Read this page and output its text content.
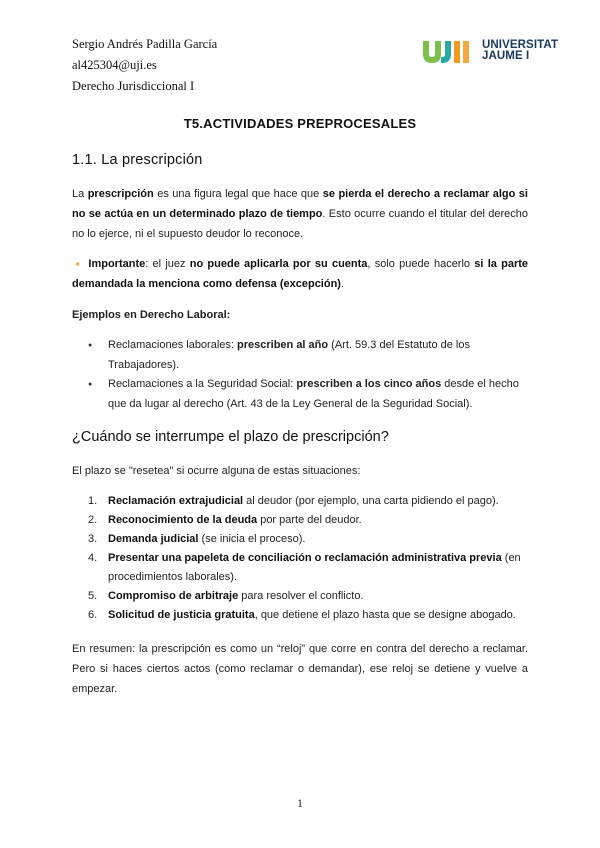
Sergio Andrés Padilla García
al425304@uji.es
Derecho Jurisdiccional I
UNIVERSITAT
JAUME I
T5.ACTIVIDADES PREPROCESALES
1.1. La prescripción
La prescripción es una figura legal que hace que se pierda el derecho a reclamar algo si no se actúa en un determinado plazo de tiempo. Esto ocurre cuando el titular del derecho no lo ejerce, ni el supuesto deudor lo reconoce.
🔸 Importante: el juez no puede aplicarla por su cuenta, solo puede hacerlo si la parte demandada la menciona como defensa (excepción).
Ejemplos en Derecho Laboral:
● Reclamaciones laborales: prescriben al año (Art. 59.3 del Estatuto de los Trabajadores).
● Reclamaciones a la Seguridad Social: prescriben a los cinco años desde el hecho que da lugar al derecho (Art. 43 de la Ley General de la Seguridad Social).
¿Cuándo se interrumpe el plazo de prescripción?
El plazo se "resetea" si ocurre alguna de estas situaciones:
1. Reclamación extrajudicial al deudor (por ejemplo, una carta pidiendo el pago).
2. Reconocimiento de la deuda por parte del deudor.
3. Demanda judicial (se inicia el proceso).
4. Presentar una papeleta de conciliación o reclamación administrativa previa (en procedimientos laborales).
5. Compromiso de arbitraje para resolver el conflicto.
6. Solicitud de justicia gratuita, que detiene el plazo hasta que se designe abogado.
En resumen: la prescripción es como un “reloj” que corre en contra del derecho a reclamar. Pero si haces ciertos actos (como reclamar o demandar), ese reloj se detiene y vuelve a empezar.
1
